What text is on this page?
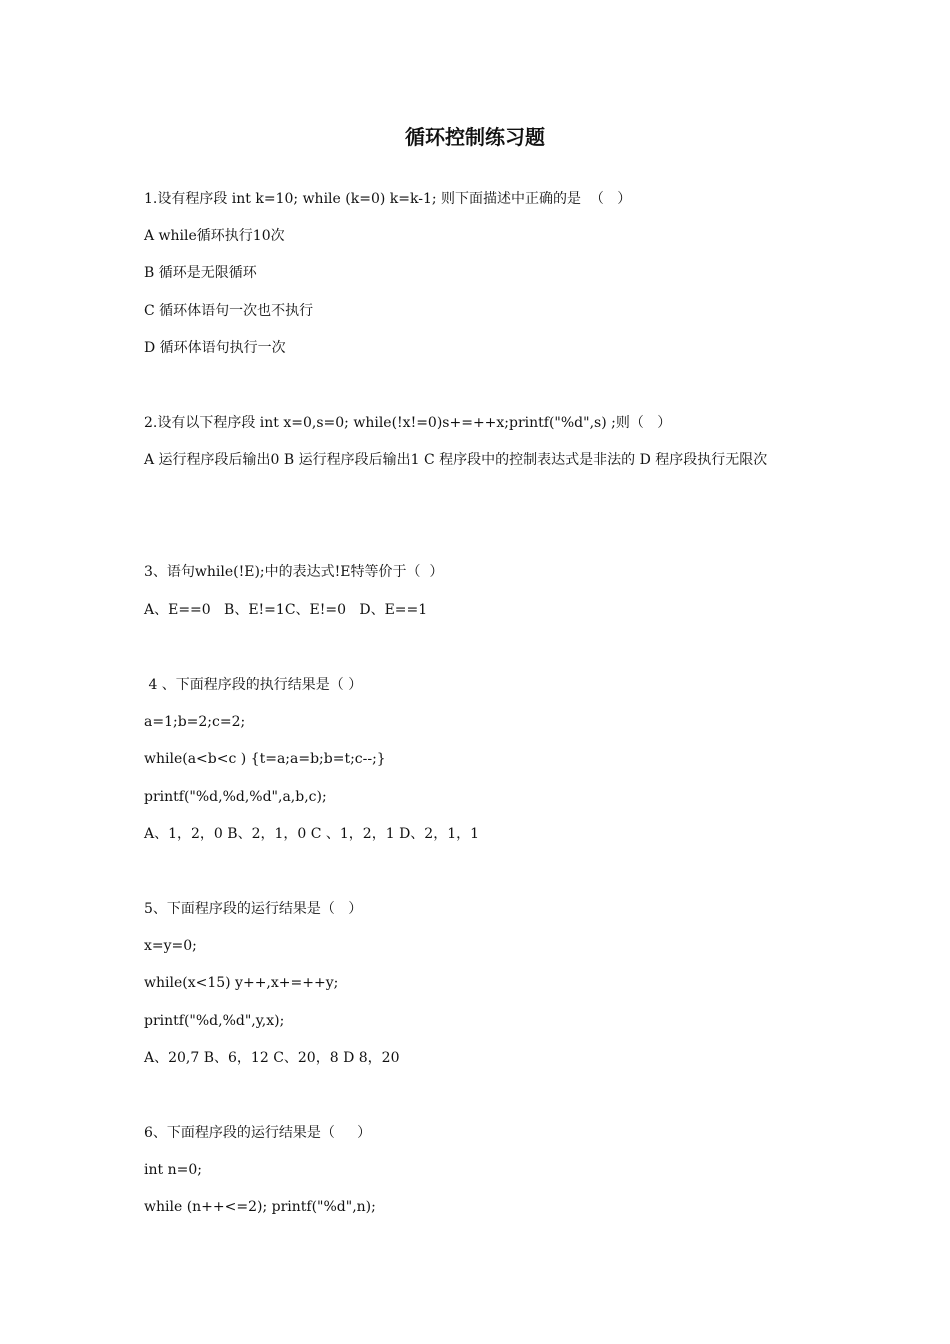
循环控制练习题

1.设有程序段 int k=10; while (k=0) k=k-1; 则下面描述中正确的是  （   ）

A while循环执行10次

B 循环是无限循环

C 循环体语句一次也不执行

D 循环体语句执行一次

2.设有以下程序段 int x=0,s=0; while(!x!=0)s+=++x;printf("%d",s) ;则（   ）

A 运行程序段后输出0 B 运行程序段后输出1 C 程序段中的控制表达式是非法的 D 程序段执行无限次

3、语句while(!E);中的表达式!E特等价于（  ）

A、E==0   B、E!=1C、E!=0   D、E==1

4 、下面程序段的执行结果是（ ）

a=1;b=2;c=2;

while(a<b<c ) {t=a;a=b;b=t;c--;}

printf("%d,%d,%d",a,b,c);

A、1，2，0 B、2，1，0 C 、1，2，1 D、2，1，1

5、下面程序段的运行结果是（   ）

x=y=0;

while(x<15) y++,x+=++y;

printf("%d,%d",y,x);

A、20,7 B、6，12 C、20，8 D 8，20

6、下面程序段的运行结果是（     ）

int n=0;

while (n++<=2); printf("%d",n);
